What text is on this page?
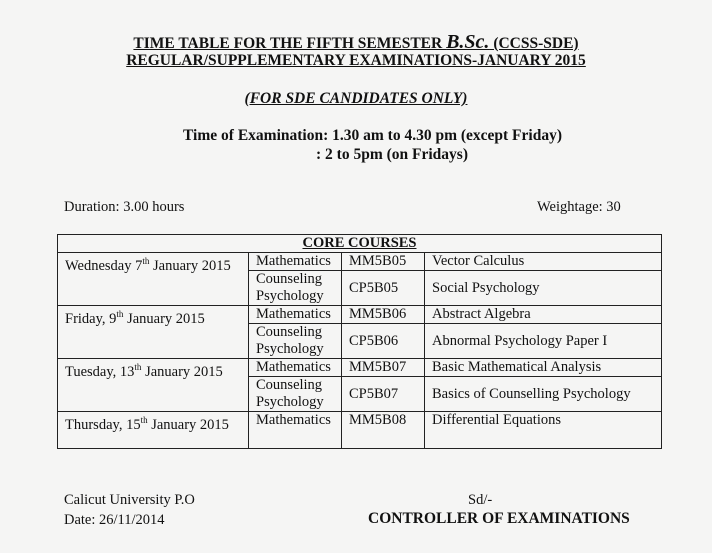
TIME TABLE FOR THE FIFTH SEMESTER B.Sc. (CCSS-SDE)
REGULAR/SUPPLEMENTARY EXAMINATIONS-JANUARY 2015
(FOR SDE CANDIDATES ONLY)
Time of Examination: 1.30 am to 4.30 pm (except Friday)
: 2 to 5pm (on Fridays)
Duration: 3.00 hours	Weightage: 30
CORE COURSES			
Wednesday 7th January 2015	Mathematics	MM5B05	Vector Calculus
	Counseling Psychology	CP5B05	Social Psychology
Friday, 9th January 2015	Mathematics	MM5B06	Abstract Algebra
	Counseling Psychology	CP5B06	Abnormal Psychology Paper I
Tuesday, 13th January 2015	Mathematics	MM5B07	Basic Mathematical Analysis
	Counseling Psychology	CP5B07	Basics of Counselling Psychology
Thursday, 15th January 2015	Mathematics	MM5B08	Differential Equations
Calicut University P.O
Date: 26/11/2014
Sd/-
CONTROLLER OF EXAMINATIONS
